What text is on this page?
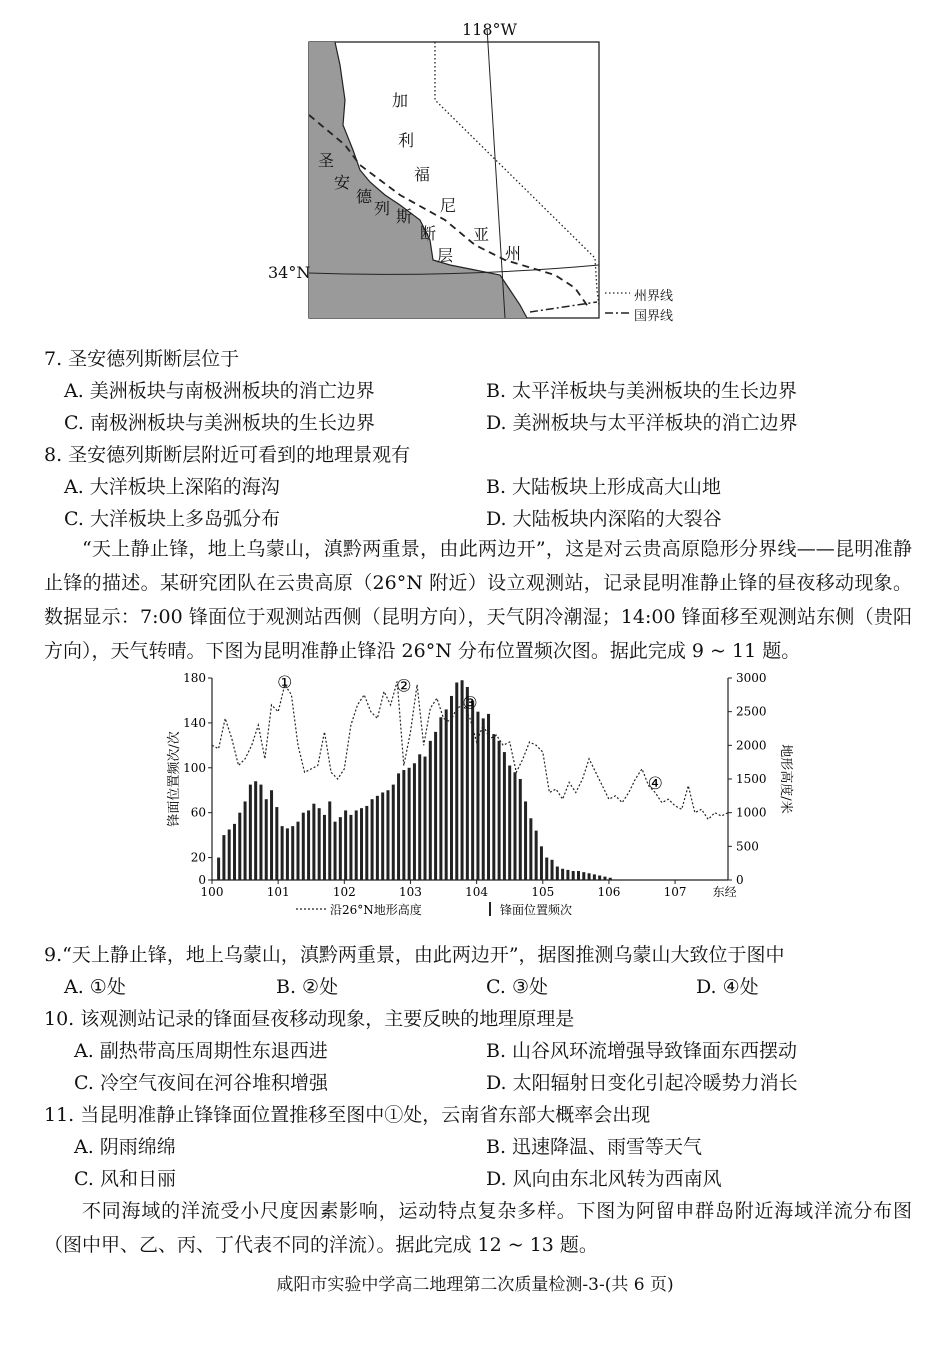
118°W
34°N
加
利
福
尼
亚
州
圣
安
德
列 斯
断
层
州界线
国界线
7. 圣安德列斯断层位于
A. 美洲板块与南极洲板块的消亡边界	B. 太平洋板块与美洲板块的生长边界
C. 南极洲板块与美洲板块的生长边界	D. 美洲板块与太平洋板块的消亡边界
8. 圣安德列斯断层附近可看到的地理景观有
A. 大洋板块上深陷的海沟	B. 大陆板块上形成高大山地
C. 大洋板块上多岛弧分布	D. 大陆板块内深陷的大裂谷
“天上静止锋，地上乌蒙山，滇黔两重景，由此两边开”，这是对云贵高原隐形分界线——昆明准静止锋的描述。某研究团队在云贵高原（26°N 附近）设立观测站，记录昆明准静止锋的昼夜移动现象。数据显示：7:00 锋面位于观测站西侧（昆明方向），天气阴冷潮湿；14:00 锋面移至观测站东侧（贵阳方向），天气转晴。下图为昆明准静止锋沿 26°N 分布位置频次图。据此完成 9 ~ 11 题。
100	101	102	103	104	105	106	107 东经
0
20
60
100
140
180
0
500
1000
1500
2000
2500
3000
锋面位置频次/次	地形高度/米
①	②
③
④
沿26°N地形高度	锋面位置频次
9.“天上静止锋，地上乌蒙山，滇黔两重景，由此两边开”，据图推测乌蒙山大致位于图中
A. ①处	B. ②处	C. ③处	D. ④处
10. 该观测站记录的锋面昼夜移动现象，主要反映的地理原理是
A. 副热带高压周期性东退西进	B. 山谷风环流增强导致锋面东西摆动
C. 冷空气夜间在河谷堆积增强	D. 太阳辐射日变化引起冷暖势力消长
11. 当昆明准静止锋锋面位置推移至图中①处，云南省东部大概率会出现
A. 阴雨绵绵	B. 迅速降温、雨雪等天气
C. 风和日丽	D. 风向由东北风转为西南风
不同海域的洋流受小尺度因素影响，运动特点复杂多样。下图为阿留申群岛附近海域洋流分布图（图中甲、乙、丙、丁代表不同的洋流）。据此完成 12 ~ 13 题。
咸阳市实验中学高二地理第二次质量检测-3-(共 6 页)
